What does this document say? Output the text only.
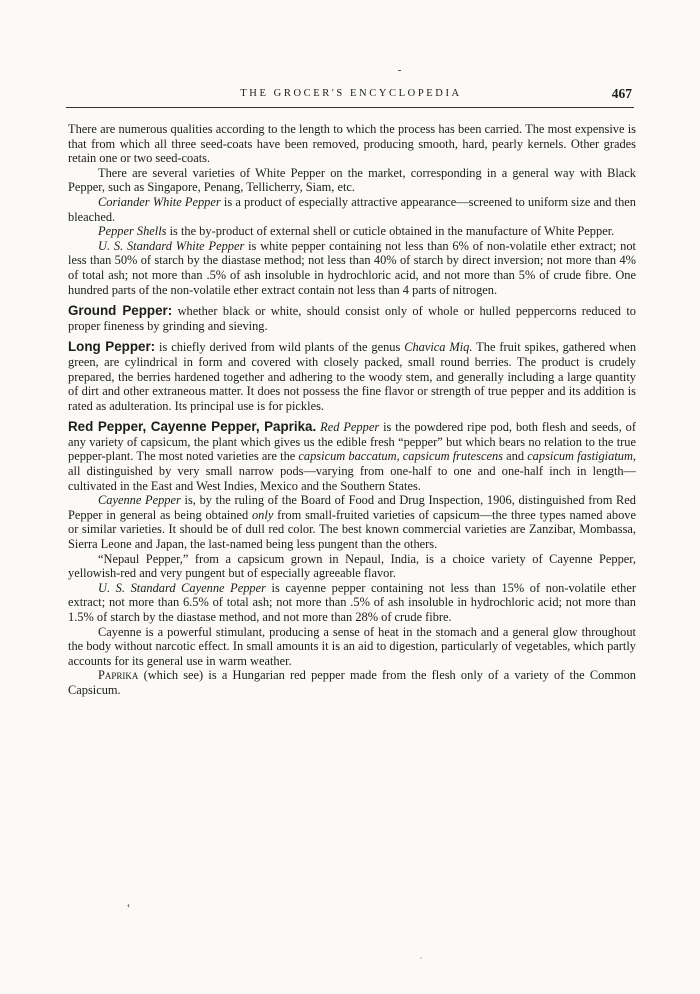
THE GROCER'S ENCYCLOPEDIA	467

There are numerous qualities according to the length to which the process has been carried. The most expensive is that from which all three seed-coats have been removed, producing smooth, hard, pearly kernels. Other grades retain one or two seed-coats.

There are several varieties of White Pepper on the market, corresponding in a general way with Black Pepper, such as Singapore, Penang, Tellicherry, Siam, etc.

Coriander White Pepper is a product of especially attractive appearance—screened to uniform size and then bleached.

Pepper Shells is the by-product of external shell or cuticle obtained in the manufacture of White Pepper.

U. S. Standard White Pepper is white pepper containing not less than 6% of non-volatile ether extract; not less than 50% of starch by the diastase method; not less than 40% of starch by direct inversion; not more than 4% of total ash; not more than .5% of ash insoluble in hydrochloric acid, and not more than 5% of crude fibre. One hundred parts of the non-volatile ether extract contain not less than 4 parts of nitrogen.

Ground Pepper: whether black or white, should consist only of whole or hulled peppercorns reduced to proper fineness by grinding and sieving.

Long Pepper: is chiefly derived from wild plants of the genus Chavica Miq. The fruit spikes, gathered when green, are cylindrical in form and covered with closely packed, small round berries. The product is crudely prepared, the berries hardened together and adhering to the woody stem, and generally including a large quantity of dirt and other extraneous matter. It does not possess the fine flavor or strength of true pepper and its addition is rated as adulteration. Its principal use is for pickles.

Red Pepper, Cayenne Pepper, Paprika. Red Pepper is the powdered ripe pod, both flesh and seeds, of any variety of capsicum, the plant which gives us the edible fresh “pepper” but which bears no relation to the true pepper-plant. The most noted varieties are the capsicum baccatum, capsicum frutescens and capsicum fastigiatum, all distinguished by very small narrow pods—varying from one-half to one and one-half inch in length—cultivated in the East and West Indies, Mexico and the Southern States.

Cayenne Pepper is, by the ruling of the Board of Food and Drug Inspection, 1906, distinguished from Red Pepper in general as being obtained only from small-fruited varieties of capsicum—the three types named above or similar varieties. It should be of dull red color. The best known commercial varieties are Zanzibar, Mombassa, Sierra Leone and Japan, the last-named being less pungent than the others.

“Nepaul Pepper,” from a capsicum grown in Nepaul, India, is a choice variety of Cayenne Pepper, yellowish-red and very pungent but of especially agreeable flavor.

U. S. Standard Cayenne Pepper is cayenne pepper containing not less than 15% of non-volatile ether extract; not more than 6.5% of total ash; not more than .5% of ash insoluble in hydrochloric acid; not more than 1.5% of starch by the diastase method, and not more than 28% of crude fibre.

Cayenne is a powerful stimulant, producing a sense of heat in the stomach and a general glow throughout the body without narcotic effect. In small amounts it is an aid to digestion, particularly of vegetables, which partly accounts for its general use in warm weather.

Paprika (which see) is a Hungarian red pepper made from the flesh only of a variety of the Common Capsicum.

‹
